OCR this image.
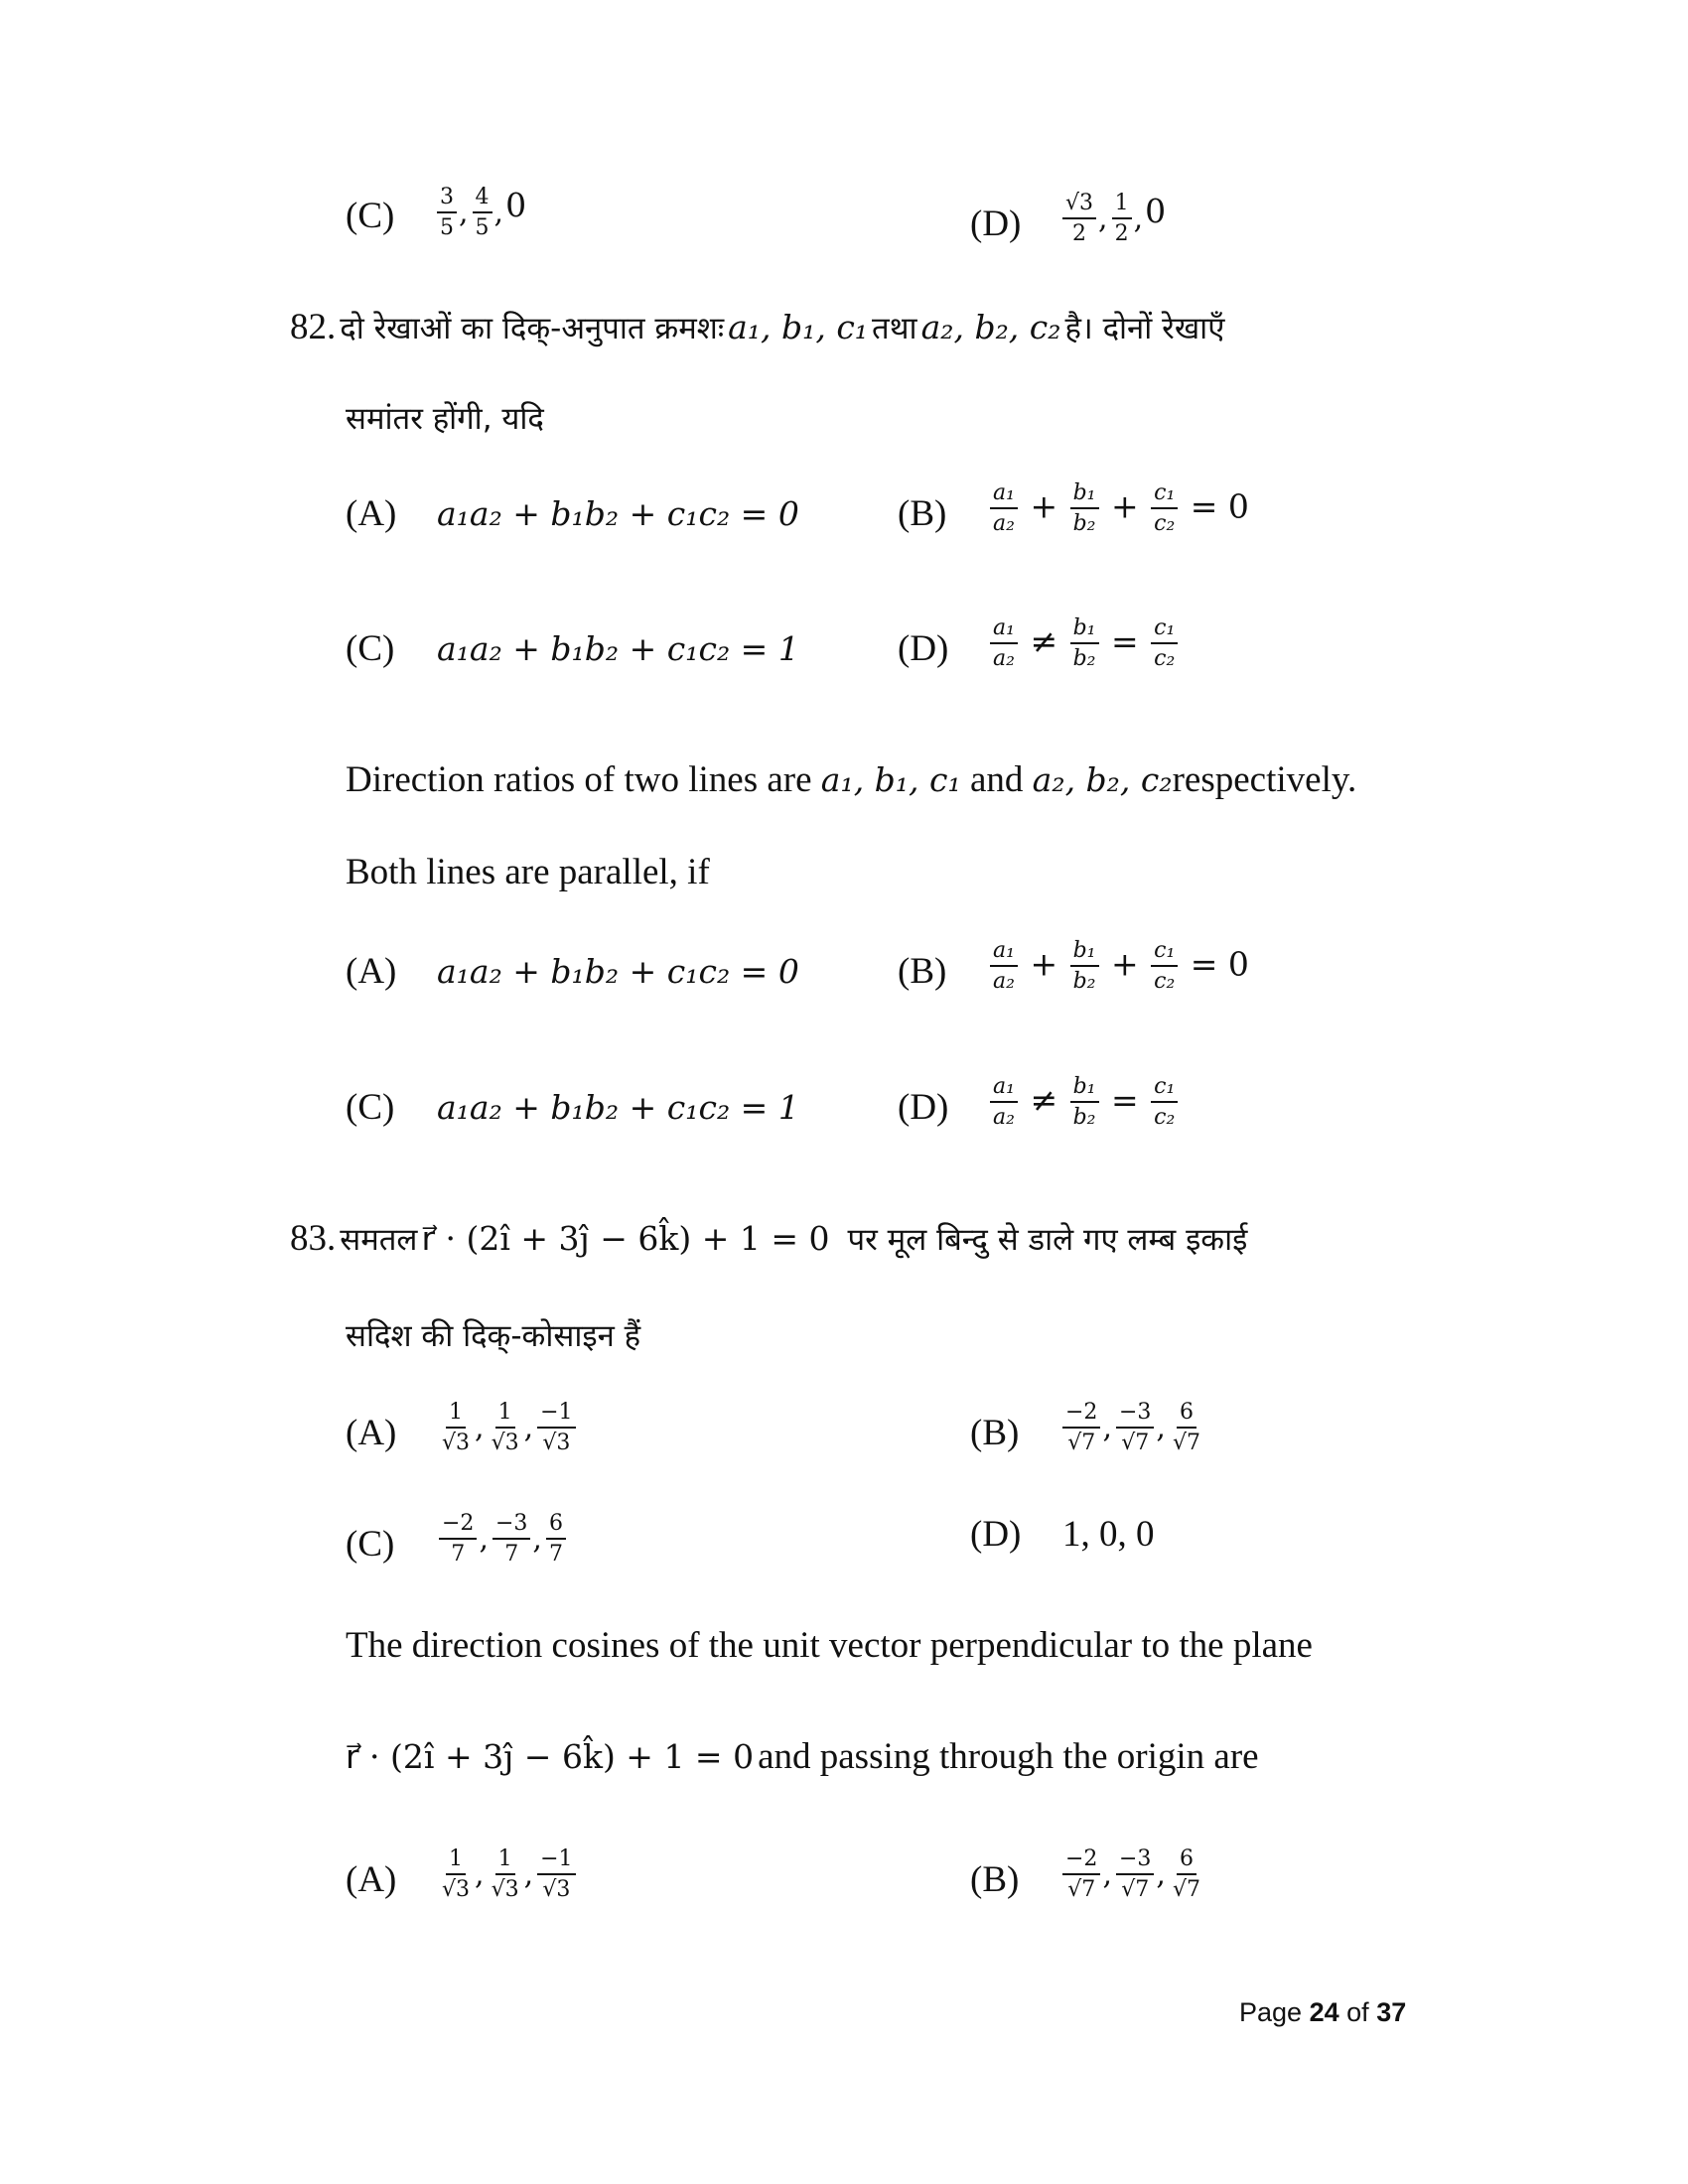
$(C) \frac{3}{5}$ , $\frac{4}{5} ,0$	$(D) \frac{√3}{2}$ , $\frac{1}{2} ,0$
82. दो रेखाओं का दिक्-अनुपात क्रमशः a₁, b₁, c₁ तथा a₂, b₂, c₂ है। दोनों रेखाएँ
समांतर होंगी, यदि
(A) a₁a₂ + b₁b₂ + c₁c₂ = 0	$(B) \frac{\text{a₁}}{\text{a₂}} + \frac{\text{b₁}}{\text{b₂}} + \frac{\text{c₁}}{\text{c₂}} = 0$
(C) a₁a₂ + b₁b₂ + c₁c₂ = 1	$(D) \frac{\text{a₁}}{\text{a₂}} \ne \frac{\text{b₁}}{\text{b₂}} = \frac{\text{c₁}}{\text{c₂}}$
Direction ratios of two lines are a₁, b₁, c₁ and a₂, b₂, c₂respectively.
Both lines are parallel, if
(A) a₁a₂ + b₁b₂ + c₁c₂ = 0	$(B) \frac{\text{a₁}}{\text{a₂}} + \frac{\text{b₁}}{\text{b₂}} + \frac{\text{c₁}}{\text{c₂}} = 0$
(C) a₁a₂ + b₁b₂ + c₁c₂ = 1	$(D) \frac{\text{a₁}}{\text{a₂}} \ne \frac{\text{b₁}}{\text{b₂}} = \frac{\text{c₁}}{\text{c₂}}$
83. समतल r⃗ · (2î + 3ĵ − 6k̂) + 1 = 0 पर मूल बिन्दु से डाले गए लम्ब इकाई
सदिश की दिक्-कोसाइन हैं
$(A) \frac{1}{√3}$ , $\frac{1}{√3}$ , $\frac{-1}{√3}$	$(B) \frac{-2}{√7}$ , $\frac{-3}{√7}$ , $\frac{6}{√7}$
$(C) \frac{-2}{7}$ , $\frac{-3}{7}$ , $\frac{6}{7}$	(D) 1, 0, 0
The direction cosines of the unit vector perpendicular to the plane
r⃗ · (2î + 3ĵ − 6k̂) + 1 = 0 and passing through the origin are
$(A) \frac{1}{√3}$ , $\frac{1}{√3}$ , $\frac{-1}{√3}$	$(B) \frac{-2}{√7}$ , $\frac{-3}{√7}$ , $\frac{6}{√7}$
Page 24 of 37
